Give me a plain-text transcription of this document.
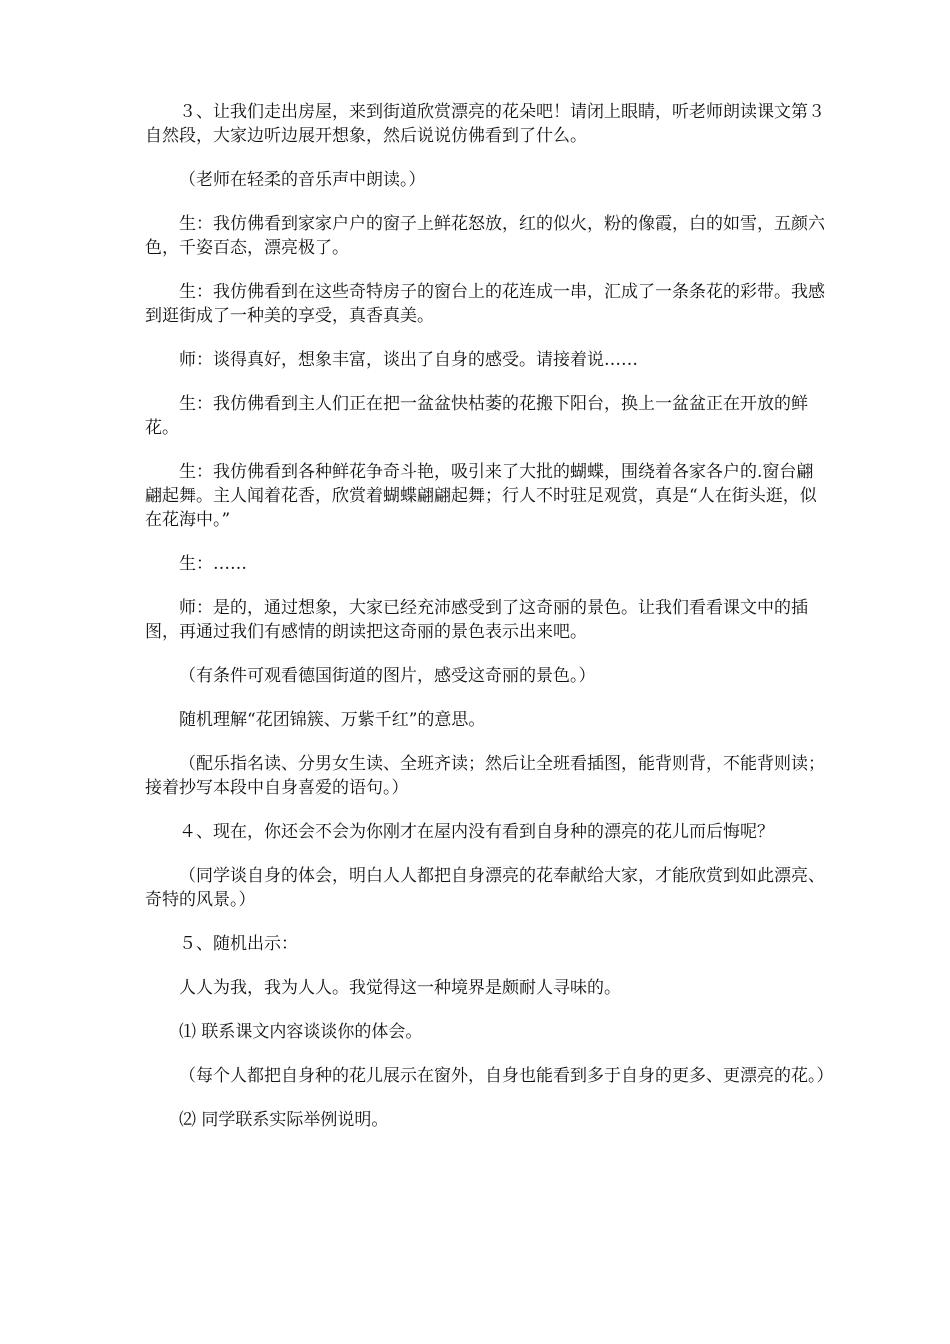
３、让我们走出房屋，来到街道欣赏漂亮的花朵吧！请闭上眼睛，听老师朗读课文第３自然段，大家边听边展开想象，然后说说仿佛看到了什么。

（老师在轻柔的音乐声中朗读。）

生：我仿佛看到家家户户的窗子上鲜花怒放，红的似火，粉的像霞，白的如雪，五颜六色，千姿百态，漂亮极了。

生：我仿佛看到在这些奇特房子的窗台上的花连成一串，汇成了一条条花的彩带。我感到逛街成了一种美的享受，真香真美。

师：谈得真好，想象丰富，谈出了自身的感受。请接着说……

生：我仿佛看到主人们正在把一盆盆快枯萎的花搬下阳台，换上一盆盆正在开放的鲜花。

生：我仿佛看到各种鲜花争奇斗艳，吸引来了大批的蝴蝶，围绕着各家各户的.窗台翩翩起舞。主人闻着花香，欣赏着蝴蝶翩翩起舞；行人不时驻足观赏，真是“人在街头逛，似在花海中。”

生：……

师：是的，通过想象，大家已经充沛感受到了这奇丽的景色。让我们看看课文中的插图，再通过我们有感情的朗读把这奇丽的景色表示出来吧。

（有条件可观看德国街道的图片，感受这奇丽的景色。）

随机理解“花团锦簇、万紫千红”的意思。

（配乐指名读、分男女生读、全班齐读；然后让全班看插图，能背则背，不能背则读；接着抄写本段中自身喜爱的语句。）

４、现在，你还会不会为你刚才在屋内没有看到自身种的漂亮的花儿而后悔呢？

（同学谈自身的体会，明白人人都把自身漂亮的花奉献给大家，才能欣赏到如此漂亮、奇特的风景。）

５、随机出示：

人人为我，我为人人。我觉得这一种境界是颇耐人寻味的。

⑴ 联系课文内容谈谈你的体会。

（每个人都把自身种的花儿展示在窗外，自身也能看到多于自身的更多、更漂亮的花。）

⑵ 同学联系实际举例说明。
